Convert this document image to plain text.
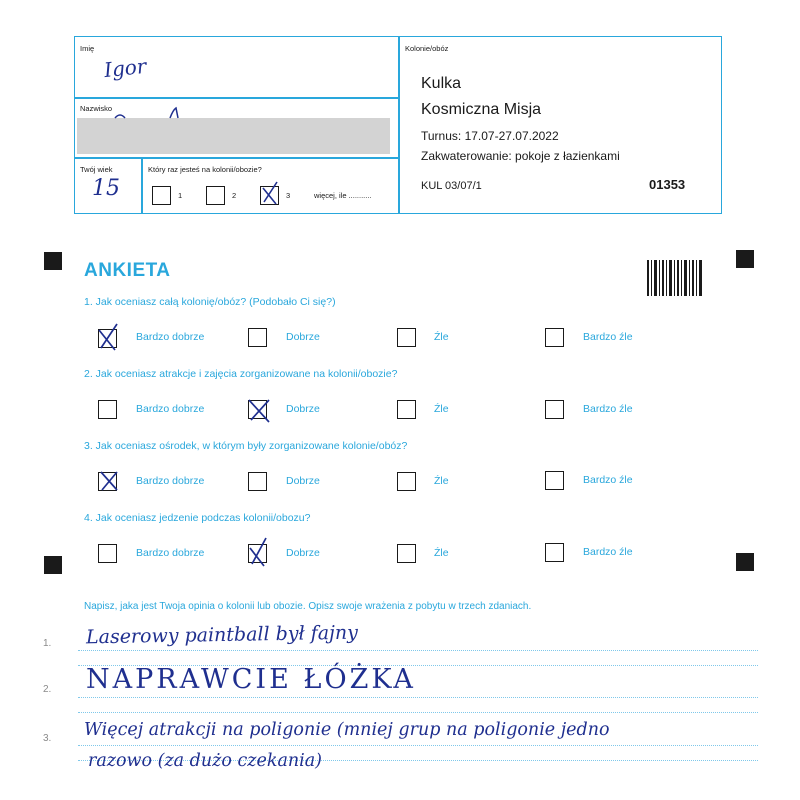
Imię
Igor
Nazwisko
Twój wiek
15
Który raz jesteś na kolonii/obozie?
1	2	3	więcej, ile ...........
Kolonie/obóz
Kulka
Kosmiczna Misja
Turnus: 17.07-27.07.2022
Zakwaterowanie: pokoje z łazienkami
KUL 03/07/1	01353
ANKIETA
1. Jak oceniasz całą kolonię/obóz? (Podobało Ci się?)
Bardzo dobrze	Dobrze	Źle	Bardzo źle
2. Jak oceniasz atrakcje i zajęcia zorganizowane na kolonii/obozie?
Bardzo dobrze	Dobrze	Źle	Bardzo źle
3. Jak oceniasz ośrodek, w którym były zorganizowane kolonie/obóz?
Bardzo dobrze	Dobrze	Źle	Bardzo źle
4. Jak oceniasz jedzenie podczas kolonii/obozu?
Bardzo dobrze	Dobrze	Źle	Bardzo źle
Napisz, jaka jest Twoja opinia o kolonii lub obozie. Opisz swoje wrażenia z pobytu w trzech zdaniach.
1.
2.
3.
Laserowy paintball był fajny
NAPRAWCIE ŁÓŻKA
Więcej atrakcji na poligonie (mniej grup na poligonie jedno
razowo (za dużo czekania)
